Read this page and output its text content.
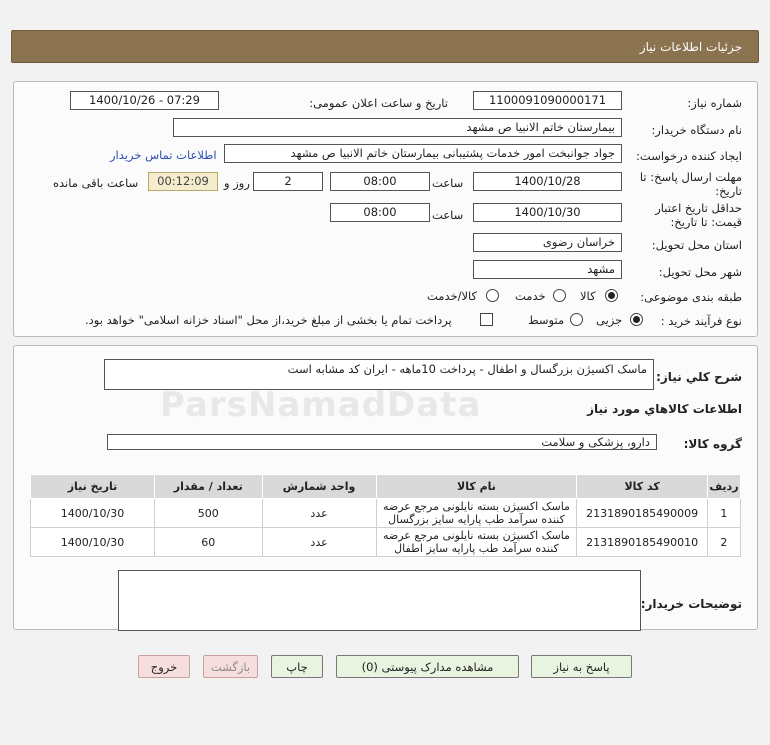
جزئیات اطلاعات نیاز
شماره نیاز:
1100091090000171
تاریخ و ساعت اعلان عمومی:
1400/10/26 - 07:29
نام دستگاه خریدار:
بیمارستان خاتم الانبیا ص مشهد
ایجاد کننده درخواست:
جواد جوانبخت امور خدمات پشتیبانی بیمارستان خاتم الانبیا ص مشهد
اطلاعات تماس خریدار
مهلت ارسال پاسخ: تا
تاریخ:
1400/10/28
ساعت
08:00
2
روز و
00:12:09
ساعت باقی مانده
حداقل تاریخ اعتبار
قیمت: تا تاریخ:
1400/10/30
ساعت
08:00
استان محل تحویل:
خراسان رضوی
شهر محل تحویل:
مشهد
طبقه بندی موضوعی:
کالا
خدمت
کالا/خدمت
نوع فرآیند خرید :
جزیی
متوسط
پرداخت تمام یا بخشی از مبلغ خرید،از محل "اسناد خزانه اسلامی" خواهد بود.
شرح کلي نياز:
ماسک اکسیژن بزرگسال و اطفال - پرداخت 10ماهه - ایران کد مشابه است
اطلاعات کالاهاي مورد نياز
گروه کالا:
دارو، پزشکی و سلامت
ردیف	کد کالا	نام کالا	واحد شمارش	تعداد / مقدار	تاریخ نیاز
1	2131890185490009	ماسک اکسیژن بسته نایلونی مرجع عرضه کننده سرآمد طب پارایه سایز بزرگسال	عدد	500	1400/10/30
2	2131890185490010	ماسک اکسیژن بسته نایلونی مرجع عرضه کننده سرآمد طب پارایه سایز اطفال	عدد	60	1400/10/30
توضیحات خریدار:
پاسخ به نیاز
مشاهده مدارک پیوستی (0)
چاپ
بازگشت
خروج
